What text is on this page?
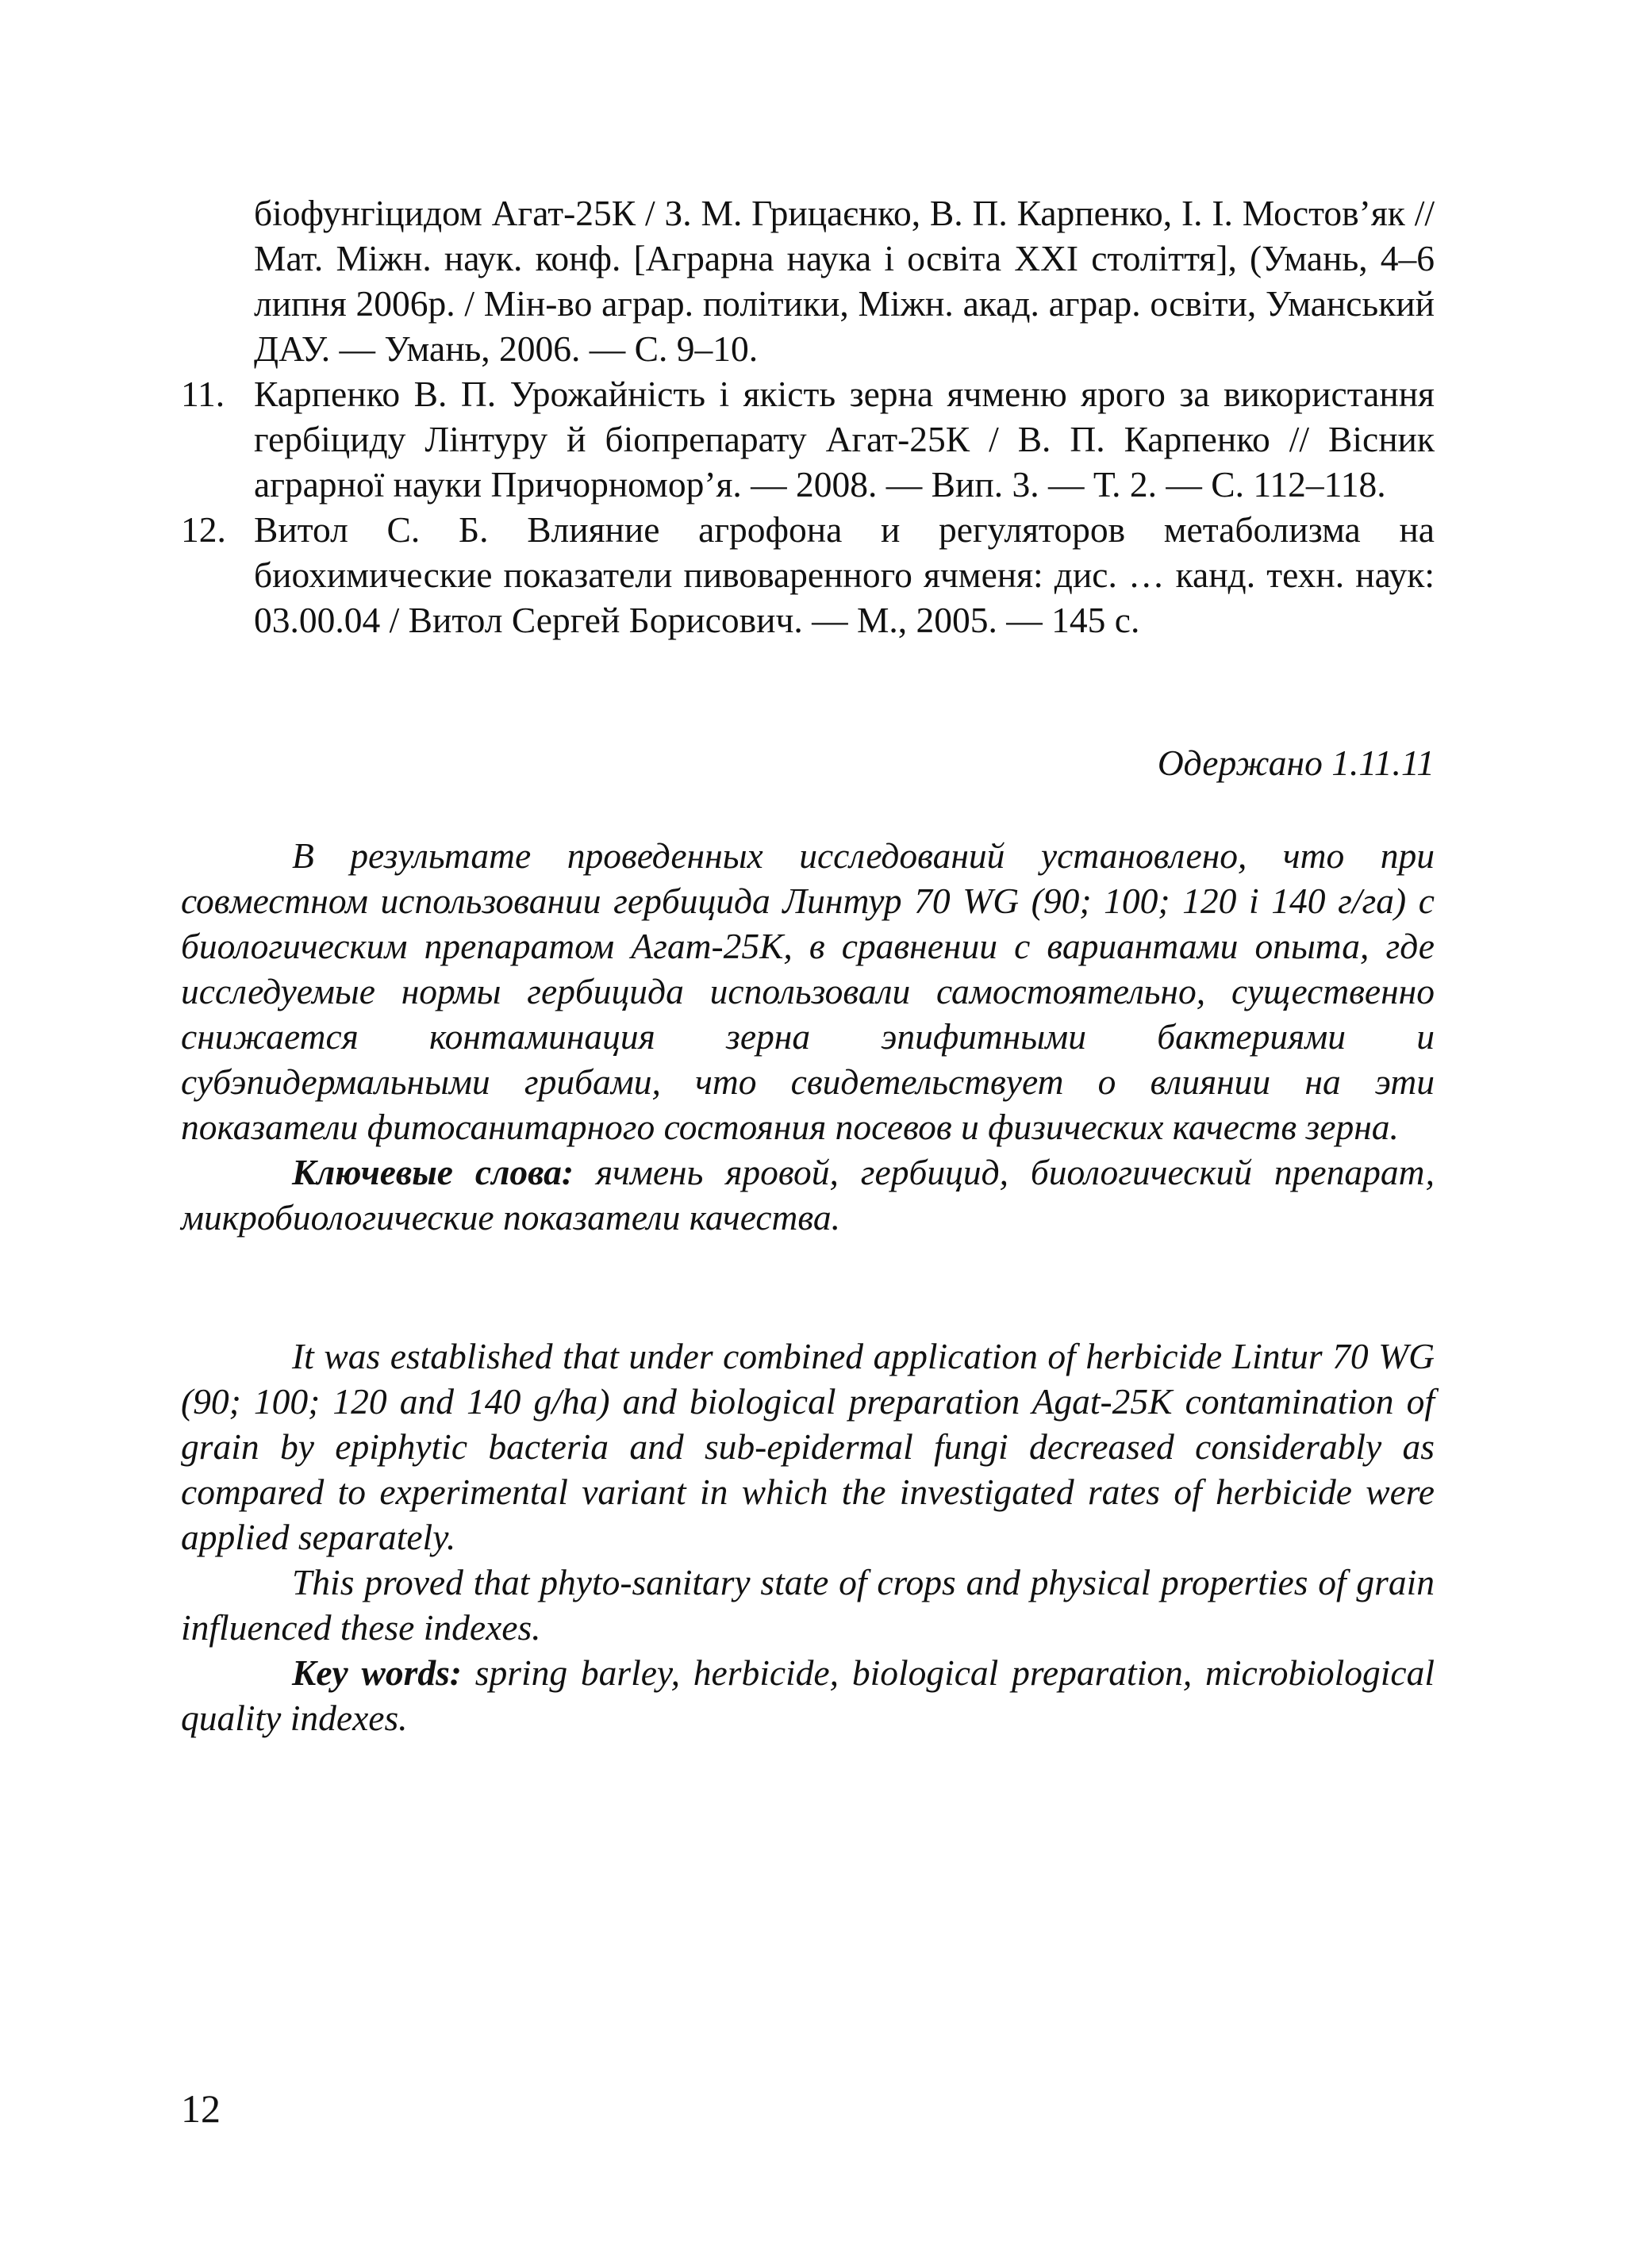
біофунгіцидом Агат-25К / З. М. Грицаєнко, В. П. Карпенко, І. І. Мостов’як // Мат. Міжн. наук. конф. [Аграрна наука і освіта XXI століття], (Умань, 4–6 липня 2006р. / Мін-во аграр. політики, Міжн. акад. аграр. освіти, Уманський ДАУ. — Умань, 2006. — С. 9–10.
11. Карпенко В. П. Урожайність і якість зерна ячменю ярого за використання гербіциду Лінтуру й біопрепарату Агат-25К / В. П. Карпенко // Вісник аграрної науки Причорномор’я. — 2008. — Вип. 3. — Т. 2. — С. 112–118.
12. Витол С. Б. Влияние агрофона и регуляторов метаболизма на биохимические показатели пивоваренного ячменя: дис. … канд. техн. наук: 03.00.04 / Витол Сергей Борисович. — М., 2005. — 145 с.
Одержано 1.11.11

В результате проведенных исследований установлено, что при совместном использовании гербицида Линтур 70 WG (90; 100; 120 і 140 г/га) с биологическим препаратом Агат-25К, в сравнении с вариантами опыта, где исследуемые нормы гербицида использовали самостоятельно, существенно снижается контаминация зерна эпифитными бактериями и субэпидермальными грибами, что свидетельствует о влиянии на эти показатели фитосанитарного состояния посевов и физических качеств зерна.

Ключевые слова: ячмень яровой, гербицид, биологический препарат, микробиологические показатели качества.

It was established that under combined application of herbicide Lintur 70 WG (90; 100; 120 and 140 g/ha) and biological preparation Agat-25K contamination of grain by epiphytic bacteria and sub-epidermal fungi decreased considerably as compared to experimental variant in which the investigated rates of herbicide were applied separately.

This proved that phyto-sanitary state of crops and physical properties of grain influenced these indexes.

Key words: spring barley, herbicide, biological preparation, microbiological quality indexes.

12
